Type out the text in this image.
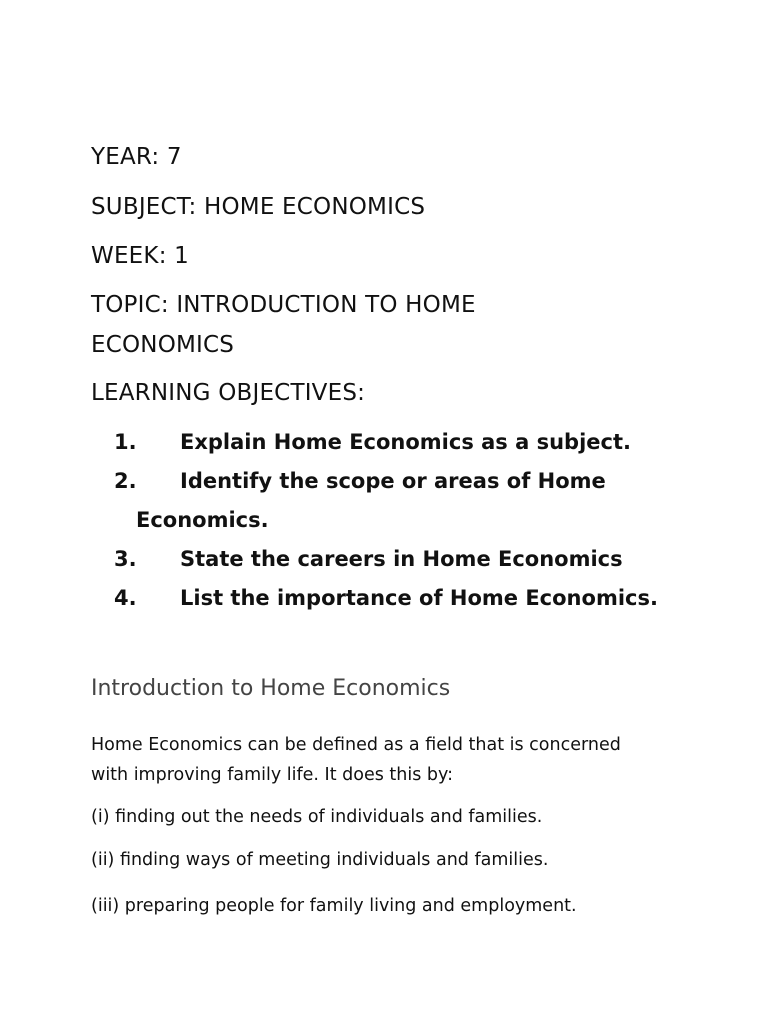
YEAR: 7
SUBJECT: HOME ECONOMICS
WEEK: 1
TOPIC: INTRODUCTION TO HOME ECONOMICS
LEARNING OBJECTIVES:
1. Explain Home Economics as a subject.
2. Identify the scope or areas of Home
Economics.
3. State the careers in Home Economics
4. List the importance of Home Economics.
Introduction to Home Economics
Home Economics can be defined as a field that is concerned with improving family life. It does this by:
(i) finding out the needs of individuals and families.
(ii) finding ways of meeting individuals and families.
(iii) preparing people for family living and employment.
